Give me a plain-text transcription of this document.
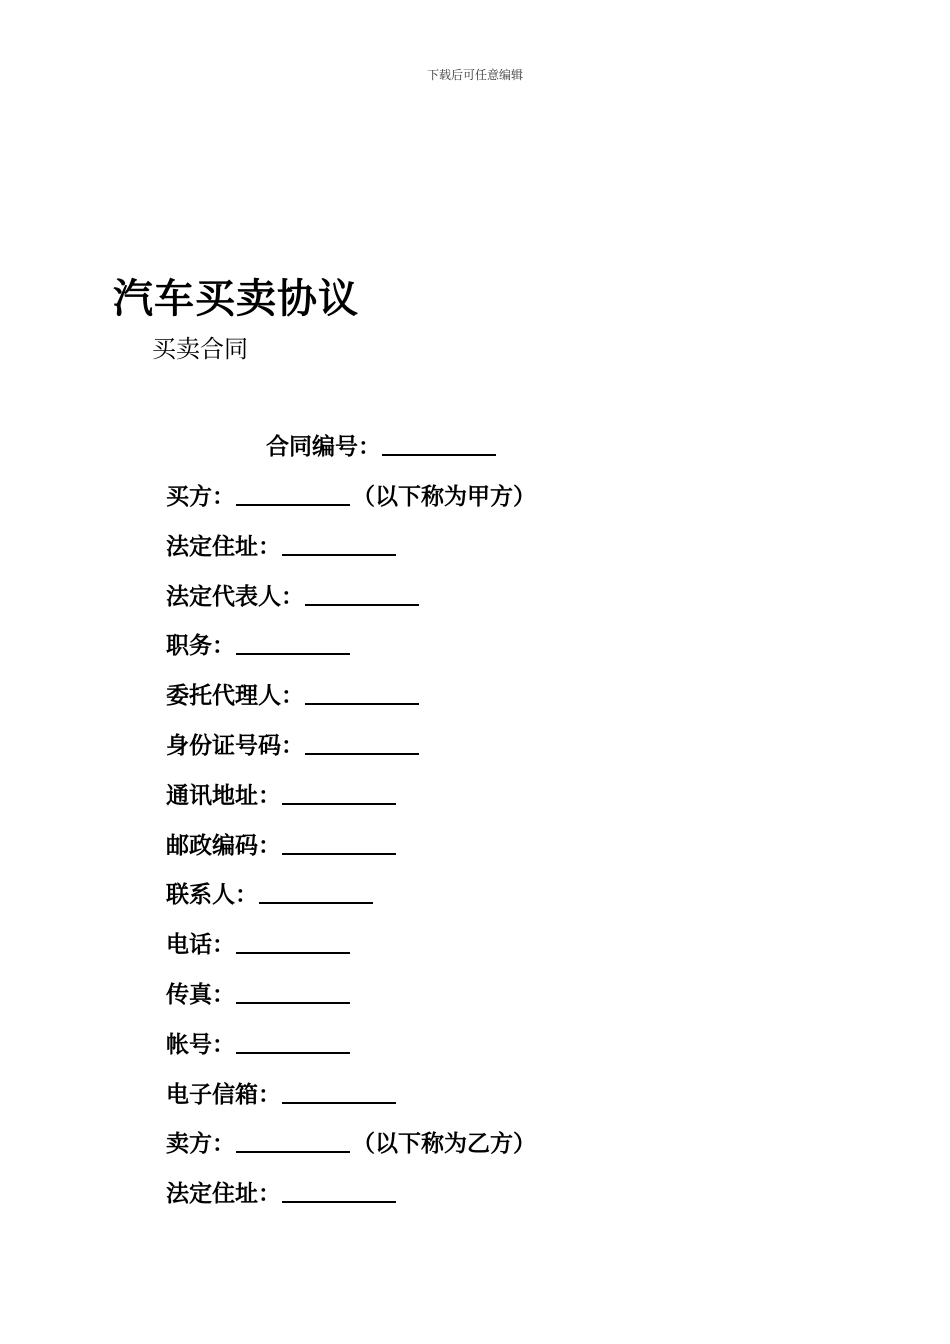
下载后可任意编辑
汽车买卖协议
买卖合同
合同编号：
买方：	（以下称为甲方）
法定住址：
法定代表人：
职务：
委托代理人：
身份证号码：
通讯地址：
邮政编码：
联系人：
电话：
传真：
帐号：
电子信箱：
卖方：	（以下称为乙方）
法定住址：
